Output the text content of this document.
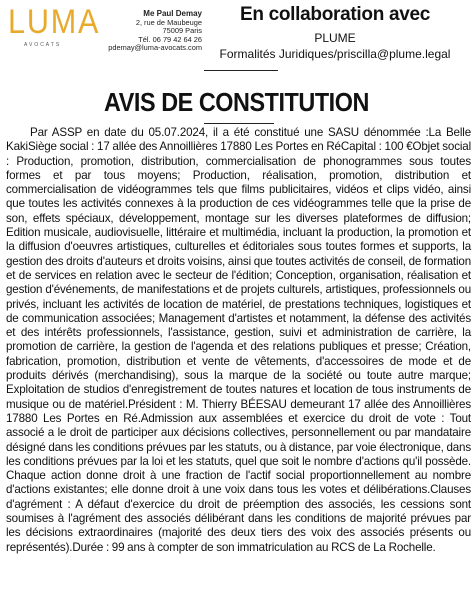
LUMA
AVOCATS
Me Paul Demay
2, rue de Maubeuge
75009 Paris
Tél. 06 79 42 64 26
pdemay@luma-avocats.com
En collaboration avec
PLUME
Formalités Juridiques/priscilla@plume.legal
AVIS DE CONSTITUTION
Par ASSP en date du 05.07.2024, il a été constitué une SASU dénommée :La Belle KakiSiège social : 17 allée des Annoillières 17880 Les Portes en RéCapital : 100 €Objet social : Production, promotion, distribution, commercialisation de phonogrammes sous toutes formes et par tous moyens; Production, réalisation, promotion, distribution et commercialisation de vidéogrammes tels que films publicitaires, vidéos et clips vidéo, ainsi que toutes les activités connexes à la production de ces vidéogrammes telle que la prise de son, effets spéciaux, développement, montage sur les diverses plateformes de diffusion; Edition musicale, audiovisuelle, littéraire et multimédia, incluant la production, la promotion et la diffusion d'oeuvres artistiques, culturelles et éditoriales sous toutes formes et supports, la gestion des droits d'auteurs et droits voisins, ainsi que toutes activités de conseil, de formation et de services en relation avec le secteur de l'édition; Conception, organisation, réalisation et gestion d'événements, de manifestations et de projets culturels, artistiques, professionnels ou privés, incluant les activités de location de matériel, de prestations techniques, logistiques et de communication associées; Management d'artistes et notamment, la défense des activités et des intérêts professionnels, l'assistance, gestion, suivi et administration de carrière, la promotion de carrière, la gestion de l'agenda et des relations publiques et presse; Création, fabrication, promotion, distribution et vente de vêtements, d'accessoires de mode et de produits dérivés (merchandising), sous la marque de la société ou toute autre marque; Exploitation de studios d'enregistrement de toutes natures et location de tous instruments de musique ou de matériel.Président : M. Thierry BÉESAU demeurant 17 allée des Annoillières 17880 Les Portes en Ré.Admission aux assemblées et exercice du droit de vote : Tout associé a le droit de participer aux décisions collectives, personnellement ou par mandataire désigné dans les conditions prévues par les statuts, ou à distance, par voie électronique, dans les conditions prévues par la loi et les statuts, quel que soit le nombre d'actions qu'il possède. Chaque action donne droit à une fraction de l'actif social proportionnellement au nombre d'actions existantes; elle donne droit à une voix dans tous les votes et délibérations.Clauses d'agrément : A défaut d'exercice du droit de préemption des associés, les cessions sont soumises à l'agrément des associés délibérant dans les conditions de majorité prévues par les décisions extraordinaires (majorité des deux tiers des voix des associés présents ou représentés).Durée : 99 ans à compter de son immatriculation au RCS de La Rochelle.
